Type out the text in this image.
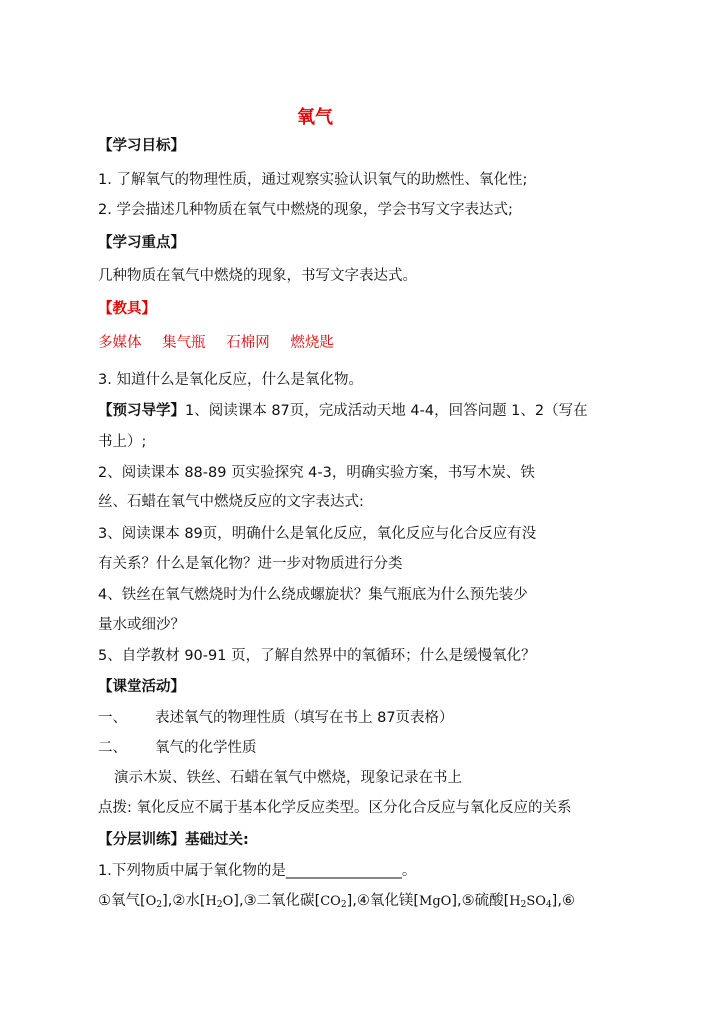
氧气
【学习目标】
1. 了解氧气的物理性质，通过观察实验认识氧气的助燃性、氧化性;
2. 学会描述几种物质在氧气中燃烧的现象，学会书写文字表达式;
【学习重点】
几种物质在氧气中燃烧的现象，书写文字表达式。
【教具】
多媒体 集气瓶 石棉网 燃烧匙
3. 知道什么是氧化反应，什么是氧化物。
【预习导学】1、阅读课本 87页，完成活动天地 4-4，回答问题 1、2（写在
书上）;
2、阅读课本 88-89 页实验探究 4-3，明确实验方案，书写木炭、铁
丝、石蜡在氧气中燃烧反应的文字表达式:
3、阅读课本 89页，明确什么是氧化反应，氧化反应与化合反应有没
有关系？什么是氧化物？进一步对物质进行分类
4、铁丝在氧气燃烧时为什么绕成螺旋状？集气瓶底为什么预先装少
量水或细沙？
5、自学教材 90-91 页，了解自然界中的氧循环；什么是缓慢氧化？
【课堂活动】
一、 表述氧气的物理性质（填写在书上 87页表格）
二、 氧气的化学性质
演示木炭、铁丝、石蜡在氧气中燃烧，现象记录在书上
点拨: 氧化反应不属于基本化学反应类型。区分化合反应与氧化反应的关系
【分层训练】基础过关:
1.下列物质中属于氧化物的是________________。
①氧气$[O_2],②$水$[H_2O],③$二氧化碳$[CO_2],④$氧化镁[MgO],⑤硫酸$[H_2SO_4],⑥$
